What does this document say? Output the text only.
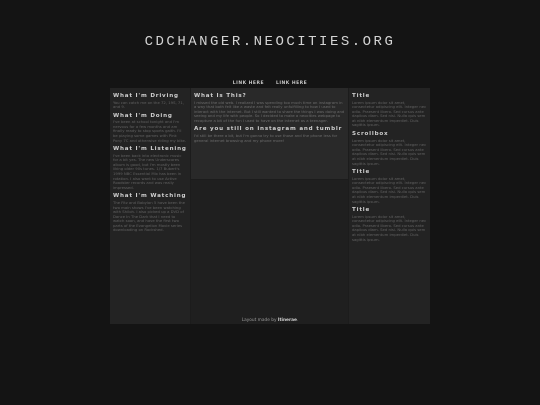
CDCHANGER.NEOCITIES.ORG
LINK HERE	LINK HERE
What I'm Driving
You can catch me on the 72, 19S, 71, and 9.
What I'm Doing
I've been at school tonight and I'm nervous for a few months and am finally ready to stop sports gaith. I'll be playing some games with Pink Pony 7C and otherwise riding my bike.
What I'm Listening
I've been back into electronic music for a bit yes. The new Underscores album is good, but I'm mostly been liking older 90s tunes. 1/7 Bubert's 1999 NBC Essential Mix has been in rotation. I also want to use Active Roadster records and was really impressed.
What I'm Watching
The Fitz and Babylon 5 have been the two main shows I've been watching with Shiloh. I also picked up a DVD of Dance In The Dark that I need to watch soon, and have the first two parts of the Evangelion Movie series downloading on Rockshed.
What Is This?
I missed the old web. I realized I was spending too much time on instagram in a way that both felt like a waste and felt really unfulfilling to how I used to interact with the internet. But I still wanted to share the things I was doing and seeing and my life with people. So I decided to make a neocities webpage to recapture a bit of the fun I used to have on the internet as a teenager.
Are you still on instagram and tumblr
I'd still be there a bit, but I'm gonna try to use those and the phone less for general internet browsing and my phone more!
Title
Lorem ipsum dolor sit amet, consectetur adipiscing elit. Integer nec odio. Praesent libero. Sed cursus ante dapibus diam. Sed nisi. Nulla quis sem at nibh elementum imperdiet. Duis sagittis ipsum.
Scrollbox
Lorem ipsum dolor sit amet, consectetur adipiscing elit. Integer nec odio. Praesent libero. Sed cursus ante dapibus diam. Sed nisi. Nulla quis sem at nibh elementum imperdiet. Duis sagittis ipsum.
Title
Lorem ipsum dolor sit amet, consectetur adipiscing elit. Integer nec odio. Praesent libero. Sed cursus ante dapibus diam. Sed nisi. Nulla quis sem at nibh elementum imperdiet. Duis sagittis ipsum.
Title
Lorem ipsum dolor sit amet, consectetur adipiscing elit. Integer nec odio. Praesent libero. Sed cursus ante dapibus diam. Sed nisi. Nulla quis sem at nibh elementum imperdiet. Duis sagittis ipsum.
Layout made by Itinerae.
